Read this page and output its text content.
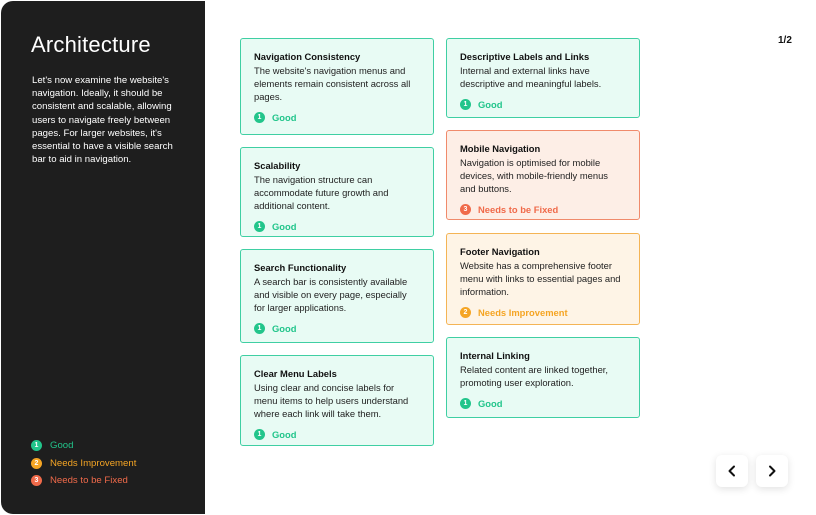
Architecture
Let's now examine the website's navigation. Ideally, it should be consistent and scalable, allowing users to navigate freely between pages. For larger websites, it's essential to have a visible search bar to aid in navigation.
1	Good
2	Needs Improvement
3	Needs to be Fixed
Navigation Consistency
The website's navigation menus and elements remain consistent across all pages.
1	Good
Scalability
The navigation structure can accommodate future growth and additional content.
1	Good
Search Functionality
A search bar is consistently available and visible on every page, especially for larger applications.
1	Good
Clear Menu Labels
Using clear and concise labels for menu items to help users understand where each link will take them.
1	Good
Descriptive Labels and Links
Internal and external links have descriptive and meaningful labels.
1	Good
Mobile Navigation
Navigation is optimised for mobile devices, with mobile-friendly menus and buttons.
3	Needs to be Fixed
Footer Navigation
Website has a comprehensive footer menu with links to essential pages and information.
2	Needs Improvement
Internal Linking
Related content are linked together, promoting user exploration.
1	Good
1/2
